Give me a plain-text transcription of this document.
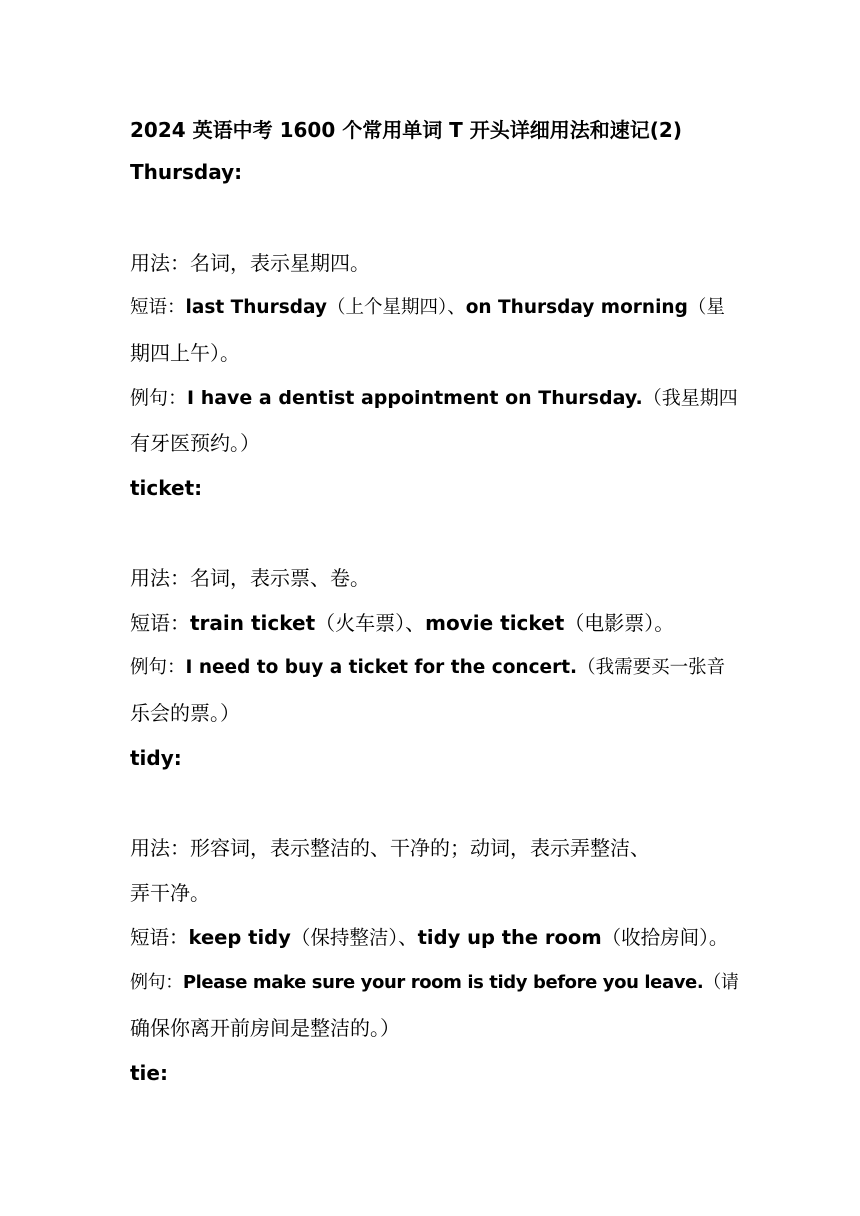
2024 英语中考 1600 个常用单词 T 开头详细用法和速记(2)
Thursday:
用法：名词，表示星期四。
短语：last Thursday（上个星期四）、on Thursday morning（星
期四上午）。
例句：I have a dentist appointment on Thursday.（我星期四
有牙医预约。）
ticket:
用法：名词，表示票、卷。
短语：train ticket（火车票）、movie ticket（电影票）。
例句：I need to buy a ticket for the concert.（我需要买一张音
乐会的票。）
tidy:
用法：形容词，表示整洁的、干净的；动词，表示弄整洁、
弄干净。
短语：keep tidy（保持整洁）、tidy up the room（收拾房间）。
例句：Please make sure your room is tidy before you leave.（请
确保你离开前房间是整洁的。）
tie:
